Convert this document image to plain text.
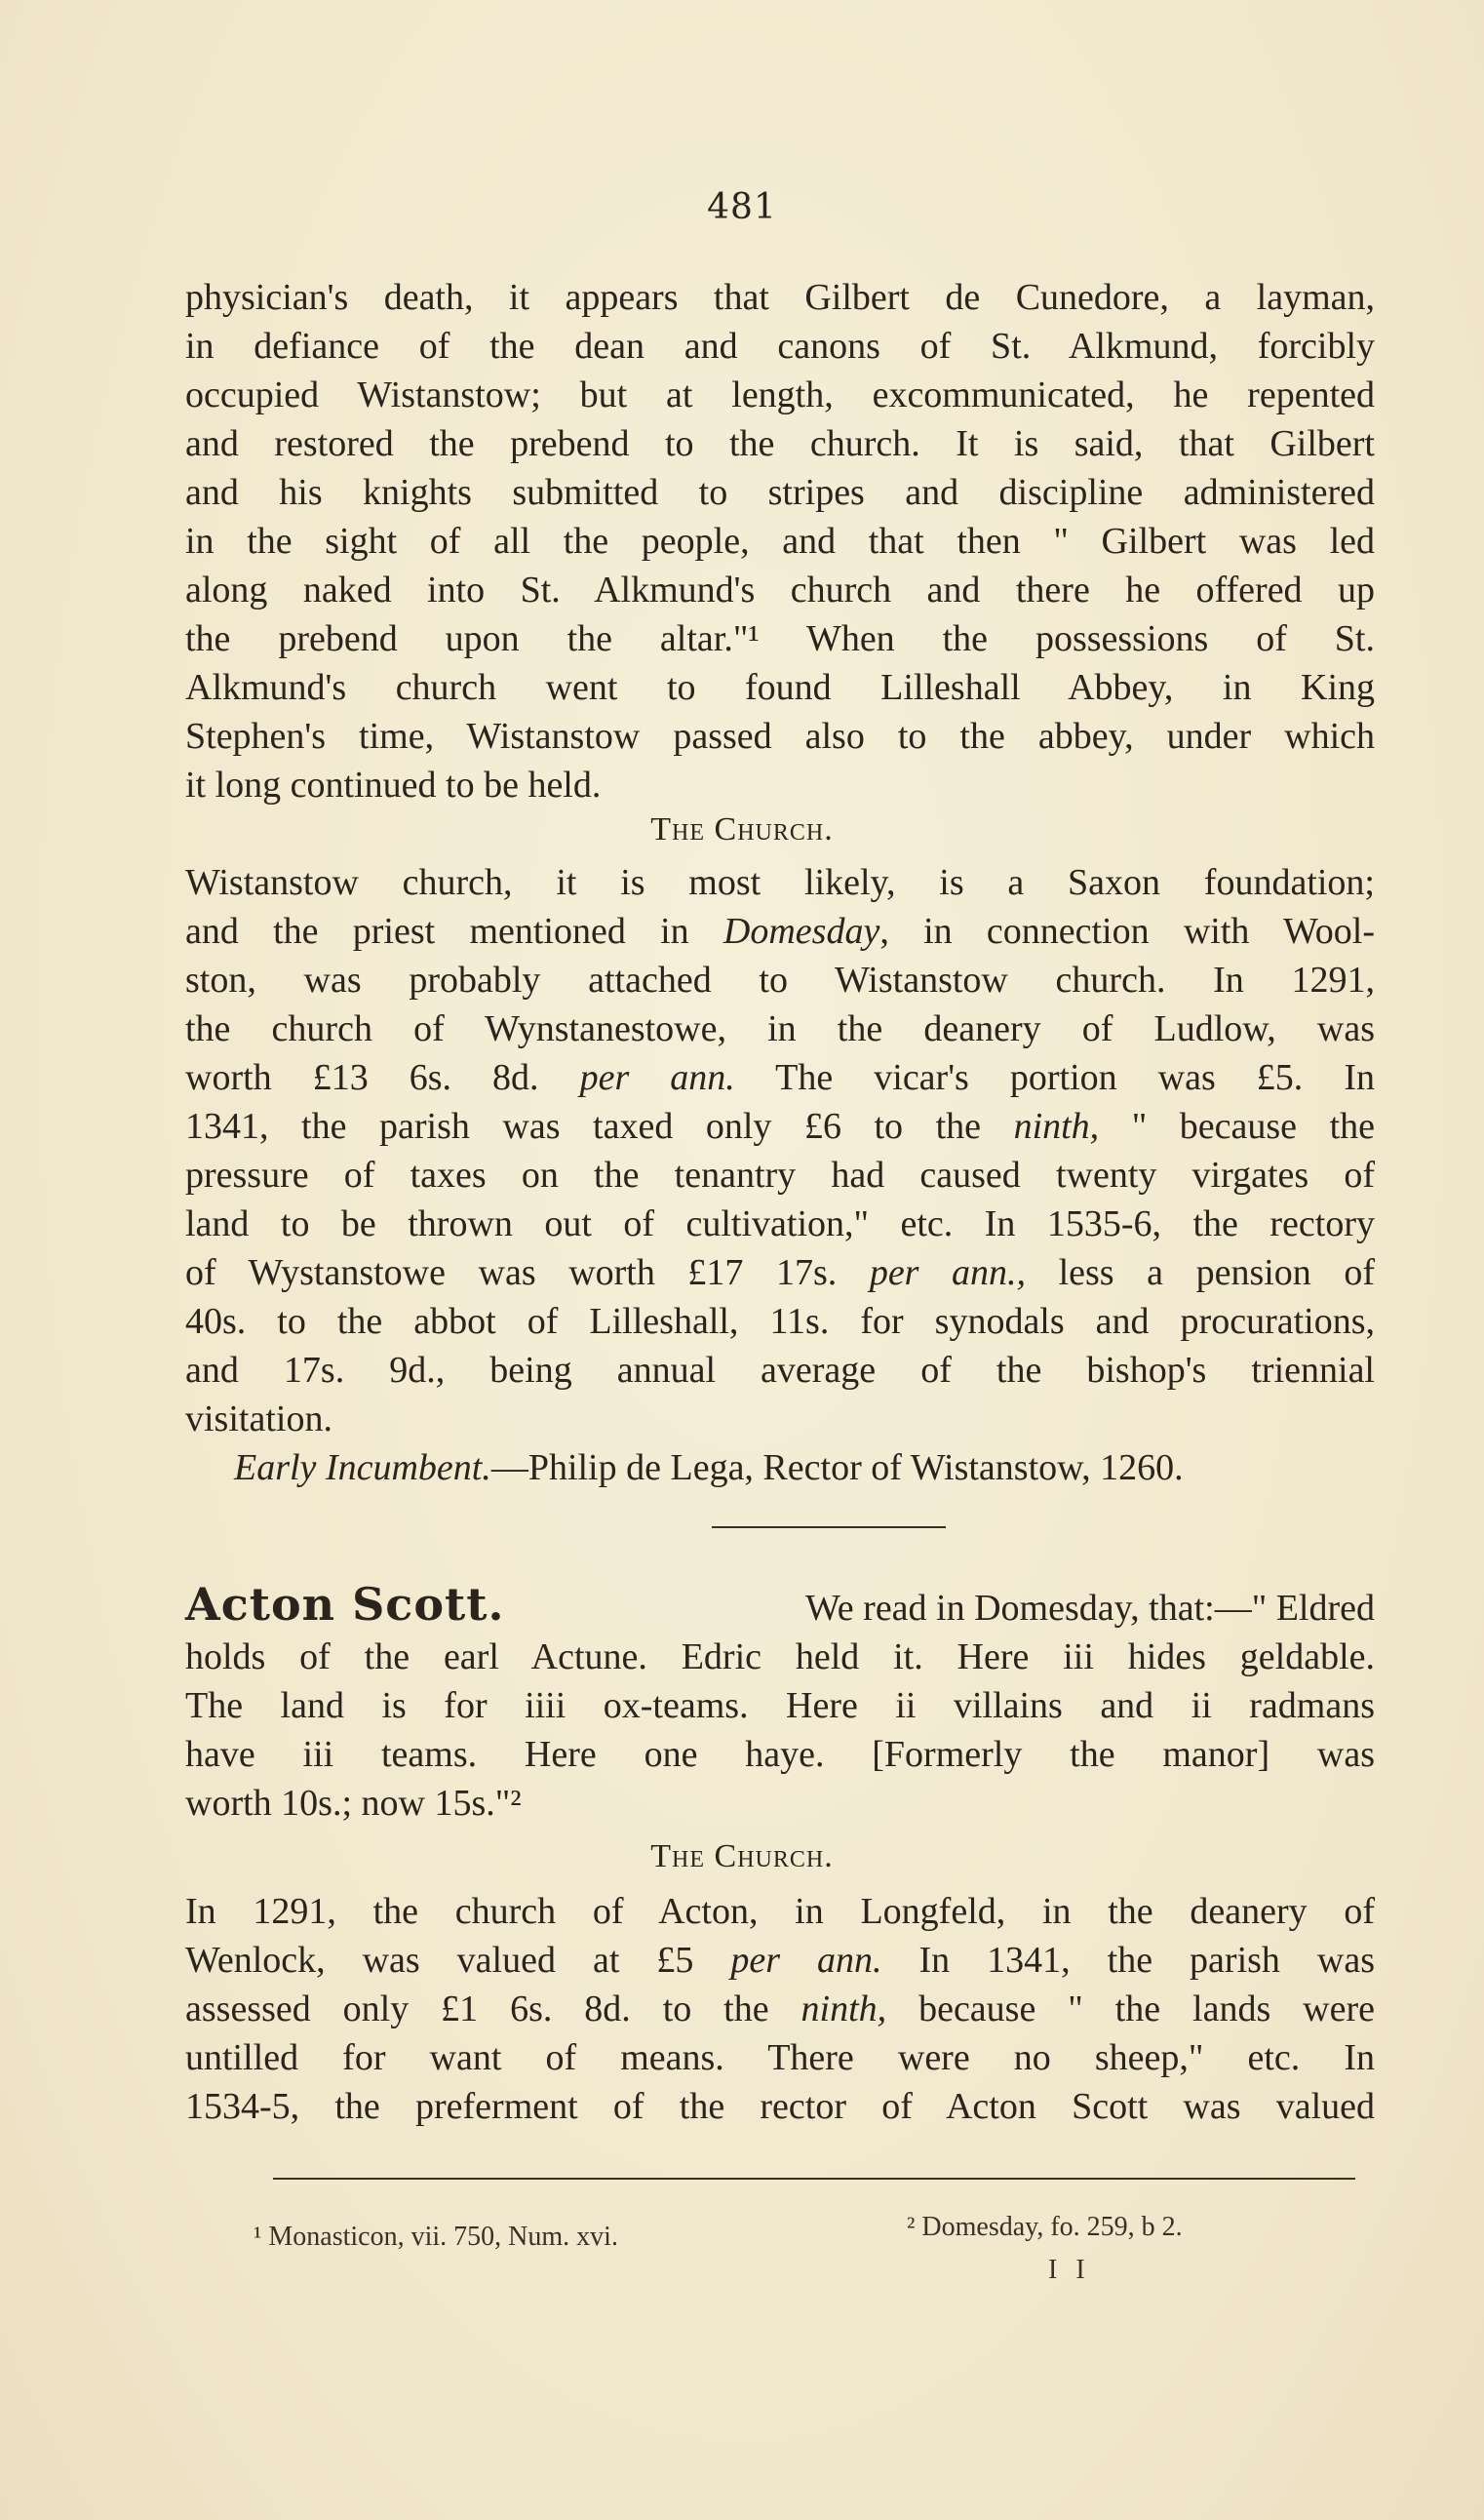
481
physician's death, it appears that Gilbert de Cunedore, a layman,
in defiance of the dean and canons of St. Alkmund, forcibly
occupied Wistanstow; but at length, excommunicated, he repented
and restored the prebend to the church. It is said, that Gilbert
and his knights submitted to stripes and discipline administered
in the sight of all the people, and that then " Gilbert was led
along naked into St. Alkmund's church and there he offered up
the prebend upon the altar."¹ When the possessions of St.
Alkmund's church went to found Lilleshall Abbey, in King
Stephen's time, Wistanstow passed also to the abbey, under which
it long continued to be held.
The Church.
Wistanstow church, it is most likely, is a Saxon foundation;
and the priest mentioned in Domesday, in connection with Wool-
ston, was probably attached to Wistanstow church. In 1291,
the church of Wynstanestowe, in the deanery of Ludlow, was
worth £13 6s. 8d. per ann. The vicar's portion was £5. In
1341, the parish was taxed only £6 to the ninth, " because the
pressure of taxes on the tenantry had caused twenty virgates of
land to be thrown out of cultivation," etc. In 1535-6, the rectory
of Wystanstowe was worth £17 17s. per ann., less a pension of
40s. to the abbot of Lilleshall, 11s. for synodals and procurations,
and 17s. 9d., being annual average of the bishop's triennial
visitation.
Early Incumbent.—Philip de Lega, Rector of Wistanstow, 1260.
Acton Scott.	We read in Domesday, that:—" Eldred
holds of the earl Actune. Edric held it. Here iii hides geldable.
The land is for iiii ox-teams. Here ii villains and ii radmans
have iii teams. Here one haye. [Formerly the manor] was
worth 10s.; now 15s."²
The Church.
In 1291, the church of Acton, in Longfeld, in the deanery of
Wenlock, was valued at £5 per ann. In 1341, the parish was
assessed only £1 6s. 8d. to the ninth, because " the lands were
untilled for want of means. There were no sheep," etc. In
1534-5, the preferment of the rector of Acton Scott was valued
¹ Monasticon, vii. 750, Num. xvi.	² Domesday, fo. 259, b 2.
I I
